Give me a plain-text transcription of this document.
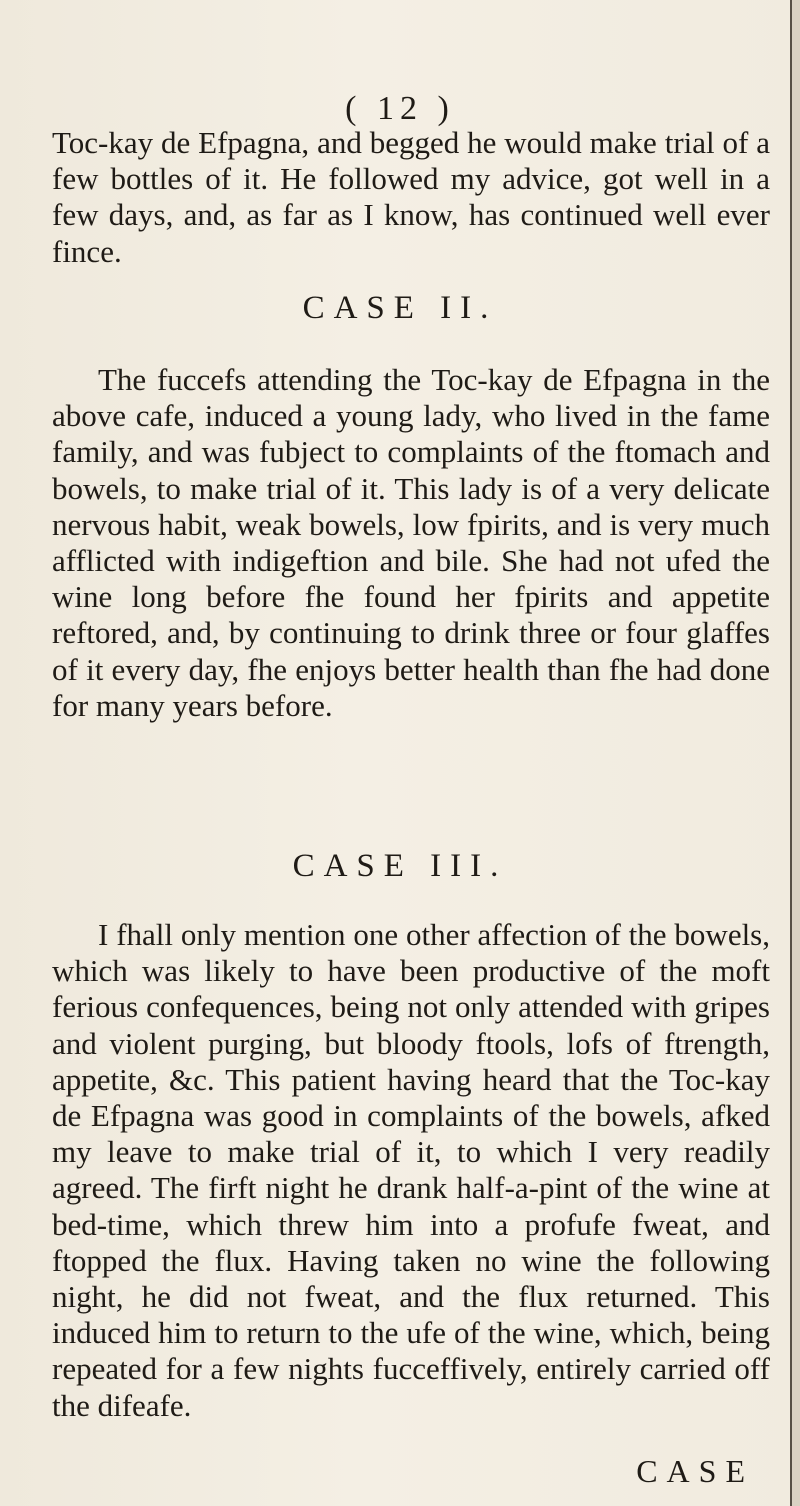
( 12 )

Toc-kay de Efpagna, and begged he would make trial of a few bottles of it. He followed my advice, got well in a few days, and, as far as I know, has continued well ever fince.

CASE II.

The fuccefs attending the Toc-kay de Efpagna in the above cafe, induced a young lady, who lived in the fame family, and was fubject to complaints of the ftomach and bowels, to make trial of it. This lady is of a very delicate nervous habit, weak bowels, low fpirits, and is very much afflicted with indigeftion and bile. She had not ufed the wine long before fhe found her fpirits and appetite reftored, and, by continuing to drink three or four glaffes of it every day, fhe enjoys better health than fhe had done for many years before.

CASE III.

I fhall only mention one other affection of the bowels, which was likely to have been productive of the moft ferious confequences, being not only attended with gripes and violent purging, but bloody ftools, lofs of ftrength, appetite, &c. This patient having heard that the Toc-kay de Efpagna was good in complaints of the bowels, afked my leave to make trial of it, to which I very readily agreed. The firft night he drank half-a-pint of the wine at bed-time, which threw him into a profufe fweat, and ftopped the flux. Having taken no wine the following night, he did not fweat, and the flux returned. This induced him to return to the ufe of the wine, which, being repeated for a few nights fucceffively, entirely carried off the difeafe.

CASE
